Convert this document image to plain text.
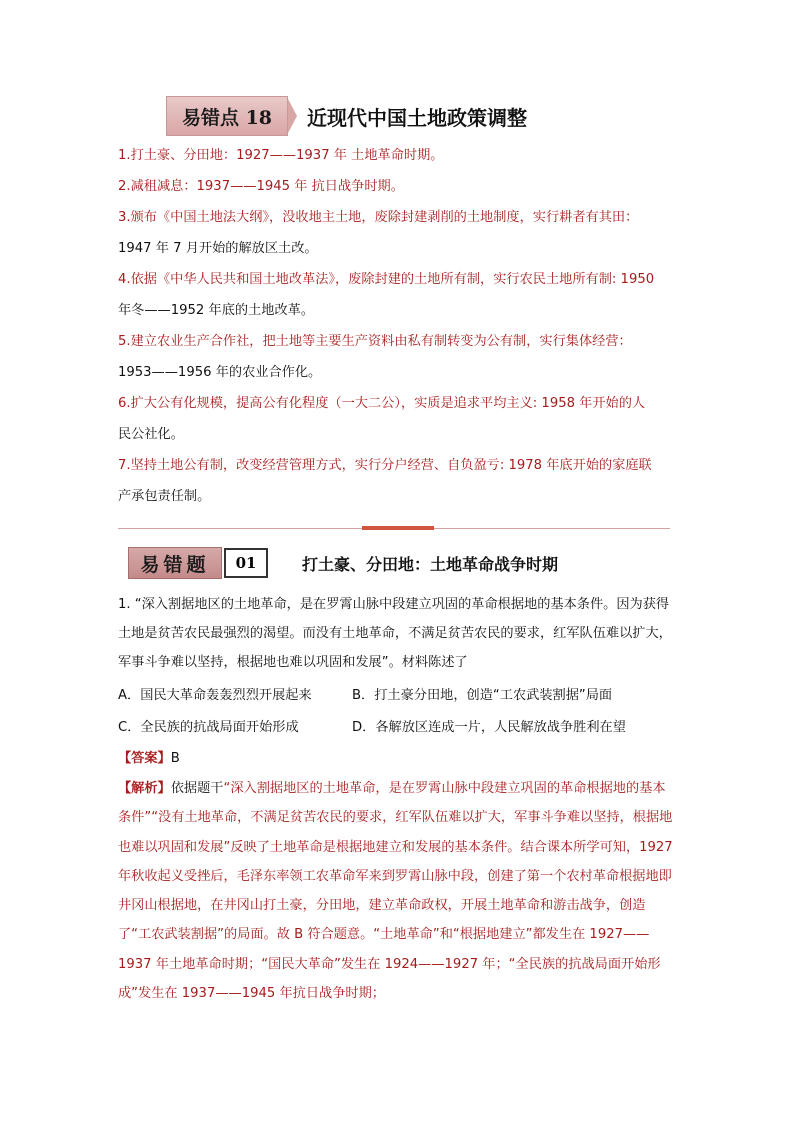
易错点 18	近现代中国土地政策调整
1.打土豪、分田地：1927——1937 年 土地革命时期。
2.减租减息：1937——1945 年 抗日战争时期。
3.颁布《中国土地法大纲》，没收地主土地，废除封建剥削的土地制度，实行耕者有其田：
1947 年 7 月开始的解放区土改。
4.依据《中华人民共和国土地改革法》，废除封建的土地所有制，实行农民土地所有制: 1950
年冬——1952 年底的土地改革。
5.建立农业生产合作社，把土地等主要生产资料由私有制转变为公有制，实行集体经营：
1953——1956 年的农业合作化。
6.扩大公有化规模，提高公有化程度（一大二公），实质是追求平均主义: 1958 年开始的人
民公社化。
7.坚持土地公有制，改变经营管理方式，实行分户经营、自负盈亏: 1978 年底开始的家庭联
产承包责任制。
易错题	01	打土豪、分田地：土地革命战争时期
1. “深入割据地区的土地革命，是在罗霄山脉中段建立巩固的革命根据地的基本条件。因为获得土地是贫苦农民最强烈的渴望。而没有土地革命，不满足贫苦农民的要求，红军队伍难以扩大，军事斗争难以坚持，根据地也难以巩固和发展”。材料陈述了
A．国民大革命轰轰烈烈开展起来	B．打土豪分田地，创造“工农武装割据”局面
C．全民族的抗战局面开始形成	D．各解放区连成一片，人民解放战争胜利在望
【答案】B
【解析】依据题干“深入割据地区的土地革命，是在罗霄山脉中段建立巩固的革命根据地的基本条件”“没有土地革命，不满足贫苦农民的要求，红军队伍难以扩大，军事斗争难以坚持，根据地也难以巩固和发展”反映了土地革命是根据地建立和发展的基本条件。结合课本所学可知，1927 年秋收起义受挫后，毛泽东率领工农革命军来到罗霄山脉中段，创建了第一个农村革命根据地即井冈山根据地，在井冈山打土豪，分田地，建立革命政权，开展土地革命和游击战争，创造了“工农武装割据”的局面。故 B 符合题意。“土地革命”和“根据地建立”都发生在 1927——1937 年土地革命时期；“国民大革命”发生在 1924——1927 年；“全民族的抗战局面开始形成”发生在 1937——1945 年抗日战争时期；
